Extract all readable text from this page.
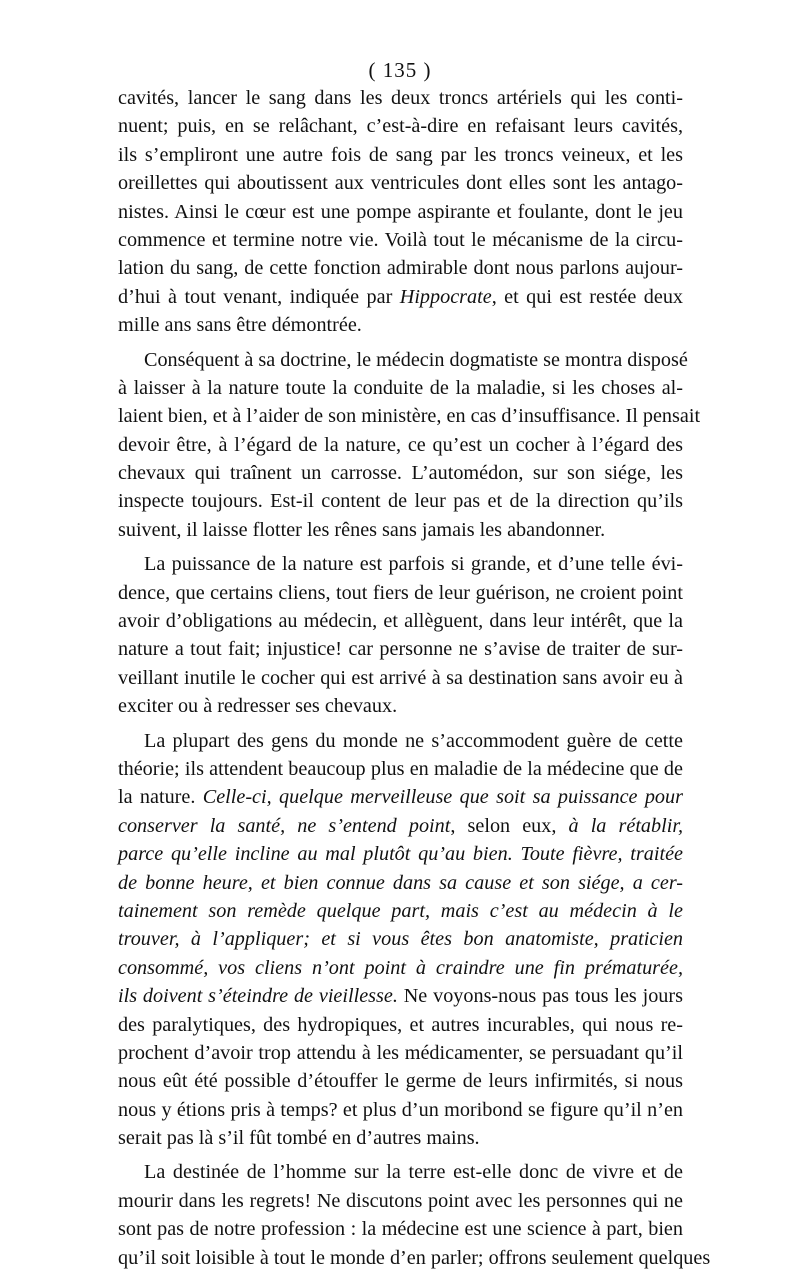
( 135 )
cavités, lancer le sang dans les deux troncs artériels qui les conti-
nuent; puis, en se relâchant, c’est-à-dire en refaisant leurs cavités,
ils s’empliront une autre fois de sang par les troncs veineux, et les
oreillettes qui aboutissent aux ventricules dont elles sont les antago-
nistes. Ainsi le cœur est une pompe aspirante et foulante, dont le jeu
commence et termine notre vie. Voilà tout le mécanisme de la circu-
lation du sang, de cette fonction admirable dont nous parlons aujour-
d’hui à tout venant, indiquée par Hippocrate, et qui est restée deux
mille ans sans être démontrée.
Conséquent à sa doctrine, le médecin dogmatiste se montra disposé
à laisser à la nature toute la conduite de la maladie, si les choses al-
laient bien, et à l’aider de son ministère, en cas d’insuffisance. Il pensait
devoir être, à l’égard de la nature, ce qu’est un cocher à l’égard des
chevaux qui traînent un carrosse. L’automédon, sur son siége, les
inspecte toujours. Est-il content de leur pas et de la direction qu’ils
suivent, il laisse flotter les rênes sans jamais les abandonner.
La puissance de la nature est parfois si grande, et d’une telle évi-
dence, que certains cliens, tout fiers de leur guérison, ne croient point
avoir d’obligations au médecin, et allèguent, dans leur intérêt, que la
nature a tout fait; injustice! car personne ne s’avise de traiter de sur-
veillant inutile le cocher qui est arrivé à sa destination sans avoir eu à
exciter ou à redresser ses chevaux.
La plupart des gens du monde ne s’accommodent guère de cette
théorie; ils attendent beaucoup plus en maladie de la médecine que de
la nature. Celle-ci, quelque merveilleuse que soit sa puissance pour
conserver la santé, ne s’entend point, selon eux, à la rétablir,
parce qu’elle incline au mal plutôt qu’au bien. Toute fièvre, traitée
de bonne heure, et bien connue dans sa cause et son siége, a cer-
tainement son remède quelque part, mais c’est au médecin à le
trouver, à l’appliquer; et si vous êtes bon anatomiste, praticien
consommé, vos cliens n’ont point à craindre une fin prématurée,
ils doivent s’éteindre de vieillesse. Ne voyons-nous pas tous les jours
des paralytiques, des hydropiques, et autres incurables, qui nous re-
prochent d’avoir trop attendu à les médicamenter, se persuadant qu’il
nous eût été possible d’étouffer le germe de leurs infirmités, si nous
nous y étions pris à temps? et plus d’un moribond se figure qu’il n’en
serait pas là s’il fût tombé en d’autres mains.
La destinée de l’homme sur la terre est-elle donc de vivre et de
mourir dans les regrets! Ne discutons point avec les personnes qui ne
sont pas de notre profession : la médecine est une science à part, bien
qu’il soit loisible à tout le monde d’en parler; offrons seulement quelques
